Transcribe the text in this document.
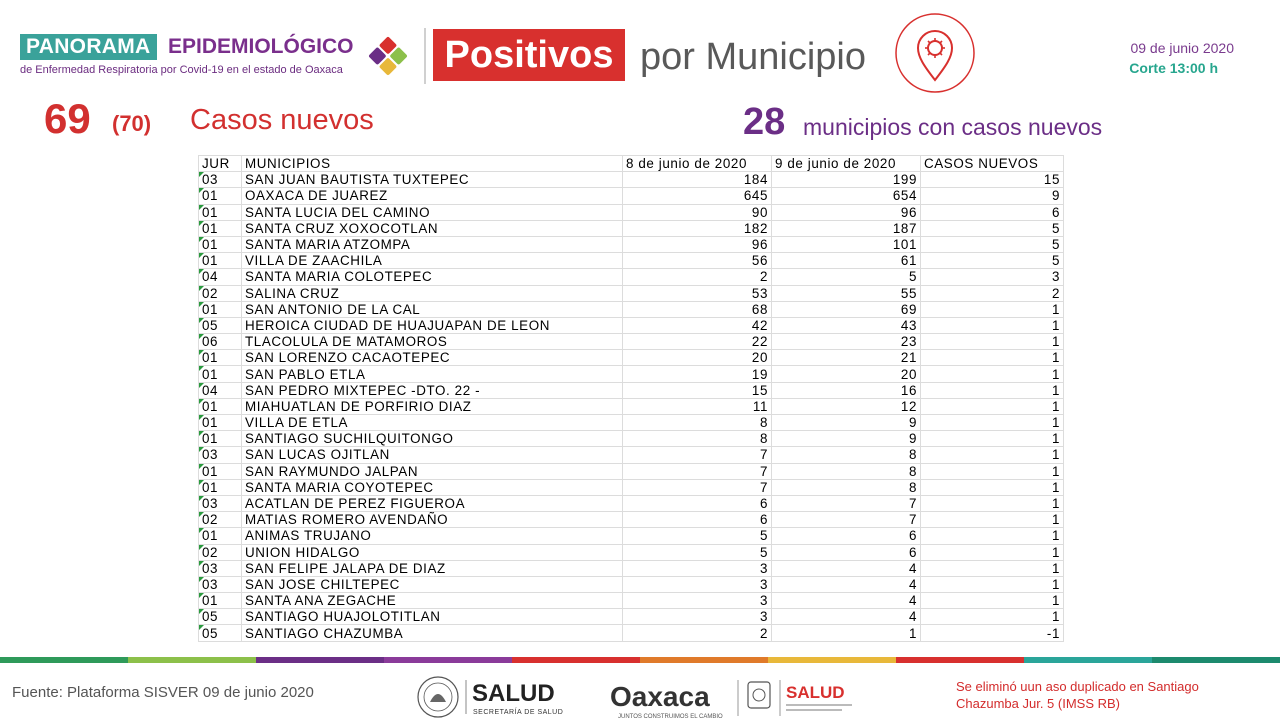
PANORAMA EPIDEMIOLÓGICO
de Enfermedad Respiratoria por Covid-19 en el estado de Oaxaca	Positivos por Municipio	09 de junio 2020
Corte 13:00 h
69 (70) Casos nuevos	28 municipios con casos nuevos
JUR	MUNICIPIOS	8 de junio de 2020	9 de junio de 2020	CASOS NUEVOS
03	SAN JUAN BAUTISTA TUXTEPEC	184	199	15
01	OAXACA DE JUAREZ	645	654	9
01	SANTA LUCIA DEL CAMINO	90	96	6
01	SANTA CRUZ XOXOCOTLAN	182	187	5
01	SANTA MARIA ATZOMPA	96	101	5
01	VILLA DE ZAACHILA	56	61	5
04	SANTA MARIA COLOTEPEC	2	5	3
02	SALINA CRUZ	53	55	2
01	SAN ANTONIO DE LA CAL	68	69	1
05	HEROICA CIUDAD DE HUAJUAPAN DE LEON	42	43	1
06	TLACOLULA DE MATAMOROS	22	23	1
01	SAN LORENZO CACAOTEPEC	20	21	1
01	SAN PABLO ETLA	19	20	1
04	SAN PEDRO MIXTEPEC -DTO. 22 -	15	16	1
01	MIAHUATLAN DE PORFIRIO DIAZ	11	12	1
01	VILLA DE ETLA	8	9	1
01	SANTIAGO SUCHILQUITONGO	8	9	1
03	SAN LUCAS OJITLAN	7	8	1
01	SAN RAYMUNDO JALPAN	7	8	1
01	SANTA MARIA COYOTEPEC	7	8	1
03	ACATLAN DE PEREZ FIGUEROA	6	7	1
02	MATIAS ROMERO AVENDAÑO	6	7	1
01	ANIMAS TRUJANO	5	6	1
02	UNION HIDALGO	5	6	1
03	SAN FELIPE JALAPA DE DIAZ	3	4	1
03	SAN JOSE CHILTEPEC	3	4	1
01	SANTA ANA ZEGACHE	3	4	1
05	SANTIAGO HUAJOLOTITLAN	3	4	1
05	SANTIAGO CHAZUMBA	2	1	-1
Fuente: Plataforma SISVER 09 de junio 2020	SALUD
SECRETARÍA DE SALUD
Oaxaca
JUNTOS CONSTRUIMOS EL CAMBIO
SALUD	Se eliminó uun aso duplicado en Santiago Chazumba Jur. 5 (IMSS RB)
